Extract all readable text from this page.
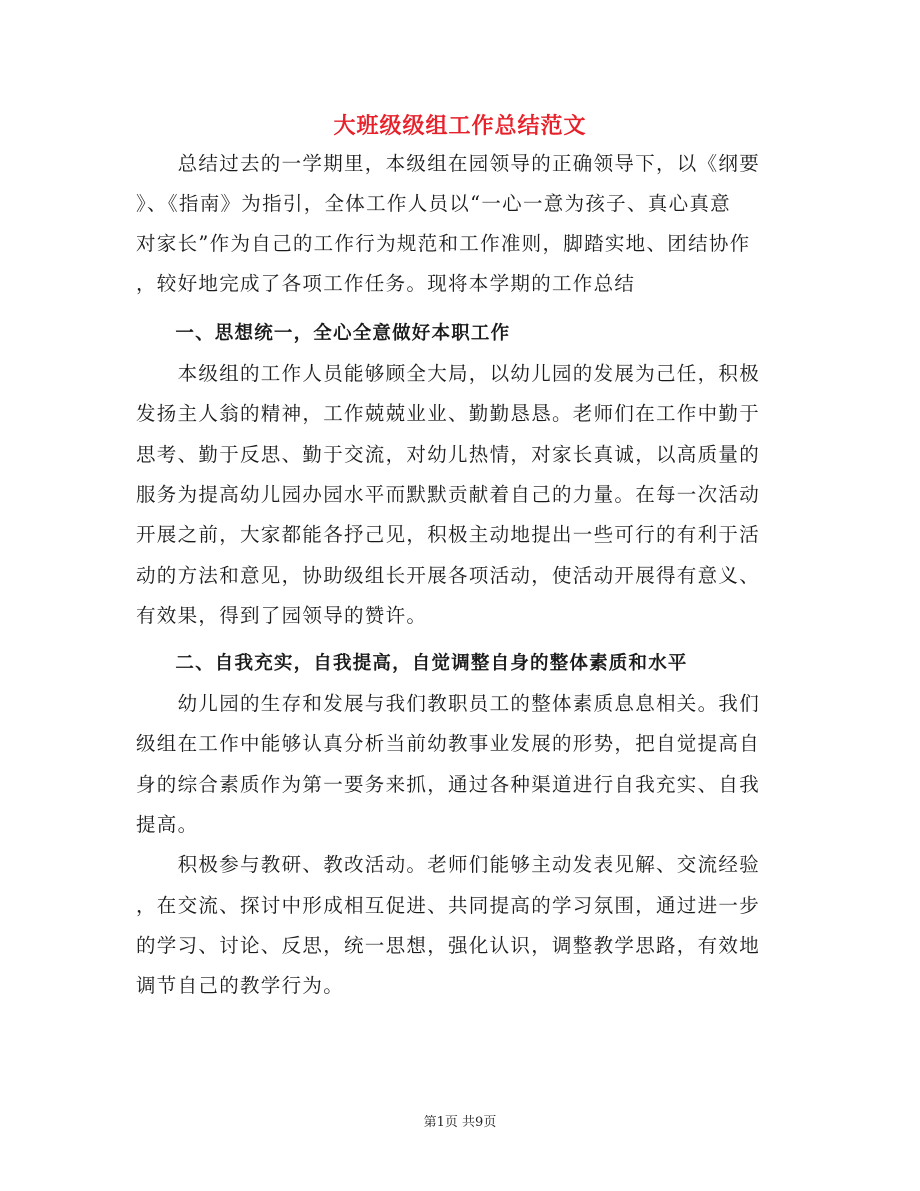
大班级级组工作总结范文
　　总结过去的一学期里，本级组在园领导的正确领导下，以《纲要
》、《指南》为指引，全体工作人员以“一心一意为孩子、真心真意
对家长”作为自己的工作行为规范和工作准则，脚踏实地、团结协作
，较好地完成了各项工作任务。现将本学期的工作总结
　　一、思想统一，全心全意做好本职工作
　　本级组的工作人员能够顾全大局，以幼儿园的发展为己任，积极
发扬主人翁的精神，工作兢兢业业、勤勤恳恳。老师们在工作中勤于
思考、勤于反思、勤于交流，对幼儿热情，对家长真诚，以高质量的
服务为提高幼儿园办园水平而默默贡献着自己的力量。在每一次活动
开展之前，大家都能各抒己见，积极主动地提出一些可行的有利于活
动的方法和意见，协助级组长开展各项活动，使活动开展得有意义、
有效果，得到了园领导的赞许。
　　二、自我充实，自我提高，自觉调整自身的整体素质和水平
　　幼儿园的生存和发展与我们教职员工的整体素质息息相关。我们
级组在工作中能够认真分析当前幼教事业发展的形势，把自觉提高自
身的综合素质作为第一要务来抓，通过各种渠道进行自我充实、自我
提高。
　　积极参与教研、教改活动。老师们能够主动发表见解、交流经验
，在交流、探讨中形成相互促进、共同提高的学习氛围，通过进一步
的学习、讨论、反思，统一思想，强化认识，调整教学思路，有效地
调节自己的教学行为。
第1页 共9页
